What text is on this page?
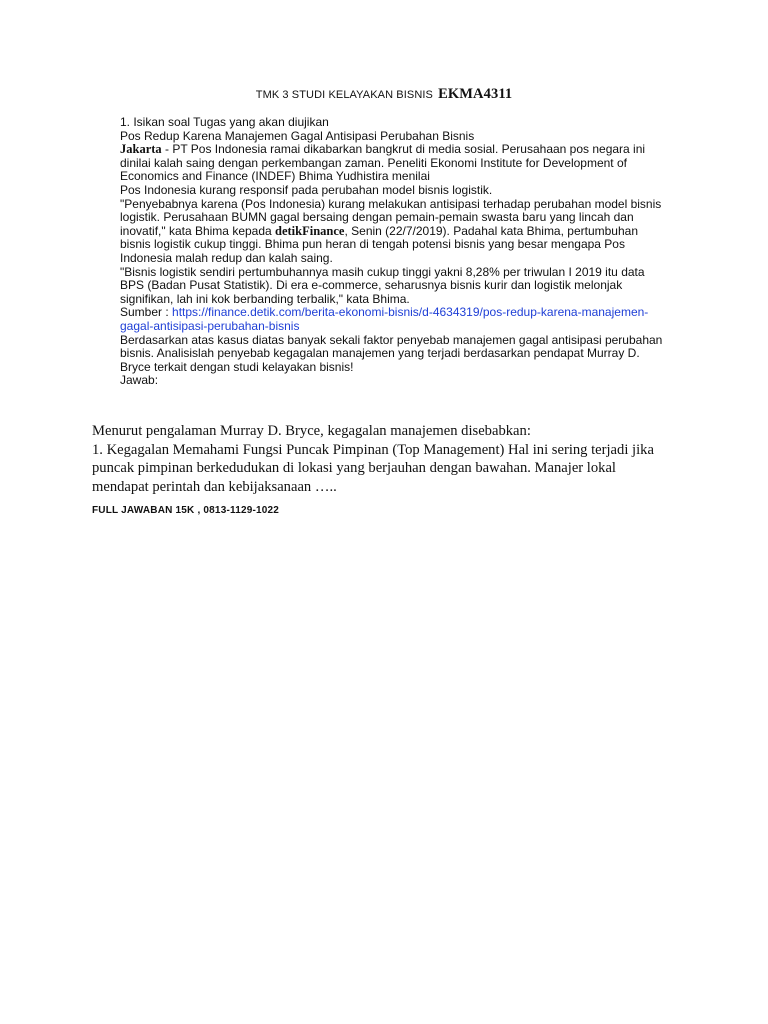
TMK 3 STUDI KELAYAKAN BISNIS EKMA4311

1. Isikan soal Tugas yang akan diujikan

Pos Redup Karena Manajemen Gagal Antisipasi Perubahan Bisnis

Jakarta - PT Pos Indonesia ramai dikabarkan bangkrut di media sosial. Perusahaan pos negara ini dinilai kalah saing dengan perkembangan zaman. Peneliti Ekonomi Institute for Development of Economics and Finance (INDEF) Bhima Yudhistira menilai

Pos Indonesia kurang responsif pada perubahan model bisnis logistik.

"Penyebabnya karena (Pos Indonesia) kurang melakukan antisipasi terhadap perubahan model bisnis logistik. Perusahaan BUMN gagal bersaing dengan pemain-pemain swasta baru yang lincah dan inovatif," kata Bhima kepada detikFinance, Senin (22/7/2019). Padahal kata Bhima, pertumbuhan bisnis logistik cukup tinggi. Bhima pun heran di tengah potensi bisnis yang besar mengapa Pos Indonesia malah redup dan kalah saing.

"Bisnis logistik sendiri pertumbuhannya masih cukup tinggi yakni 8,28% per triwulan I 2019 itu data BPS (Badan Pusat Statistik). Di era e-commerce, seharusnya bisnis kurir dan logistik melonjak signifikan, lah ini kok berbanding terbalik," kata Bhima.

Sumber : https://finance.detik.com/berita-ekonomi-bisnis/d-4634319/pos-redup-karena-manajemen-gagal-antisipasi-perubahan-bisnis

Berdasarkan atas kasus diatas banyak sekali faktor penyebab manajemen gagal antisipasi perubahan bisnis. Analisislah penyebab kegagalan manajemen yang terjadi berdasarkan pendapat Murray D. Bryce terkait dengan studi kelayakan bisnis!

Jawab:

Menurut pengalaman Murray D. Bryce, kegagalan manajemen disebabkan:

1. Kegagalan Memahami Fungsi Puncak Pimpinan (Top Management) Hal ini sering terjadi jika puncak pimpinan berkedudukan di lokasi yang berjauhan dengan bawahan. Manajer lokal mendapat perintah dan kebijaksanaan …..

FULL JAWABAN 15K , 0813-1129-1022
